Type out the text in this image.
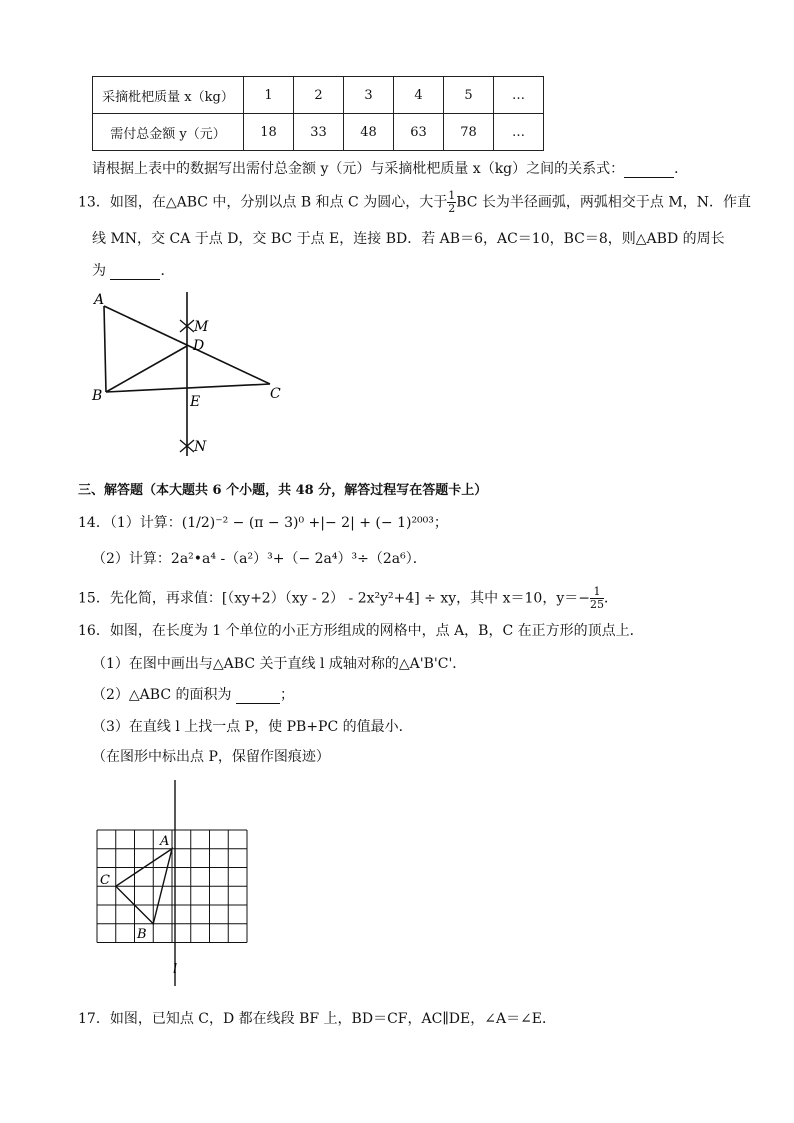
采摘枇杷质量 x（kg）	1	2	3	4	5	…
需付总金额 y（元）	18	33	48	63	78	…
请根据上表中的数据写出需付总金额 y（元）与采摘枇杷质量 x（kg）之间的关系式：	．
13．如图，在△ABC 中，分别以点 B 和点 C 为圆心，大于 $\frac{1}{2}$ BC 长为半径画弧，两弧相交于点 M，N．作直
线 MN，交 CA 于点 D，交 BC 于点 E，连接 BD．若 AB＝6，AC＝10，BC＝8，则△ABD 的周长
为	．
A
B	C
D
E
M
N
三、解答题（本大题共 6 个小题，共 48 分，解答过程写在答题卡上）
14．（1）计算：(1/2)⁻² − (π − 3)⁰ +|− 2| + (− 1)²⁰⁰³；
（2）计算：2a²•a⁴ -（a²）³+（− 2a⁴）³÷（2a⁶）．
15．先化简，再求值：[（xy+2）（xy - 2） - 2x²y²+4] ÷ xy，其中 x＝10，$y=- \frac{1}{25}$ ．
16．如图，在长度为 1 个单位的小正方形组成的网格中，点 A，B，C 在正方形的顶点上．
（1）在图中画出与△ABC 关于直线 l 成轴对称的△A'B'C'．
（2）△ABC 的面积为	；
（3）在直线 l 上找一点 P，使 PB+PC 的值最小．
（在图形中标出点 P，保留作图痕迹）
A
C
B
l
17．如图，已知点 C，D 都在线段 BF 上，BD＝CF，AC∥DE，∠A＝∠E．
